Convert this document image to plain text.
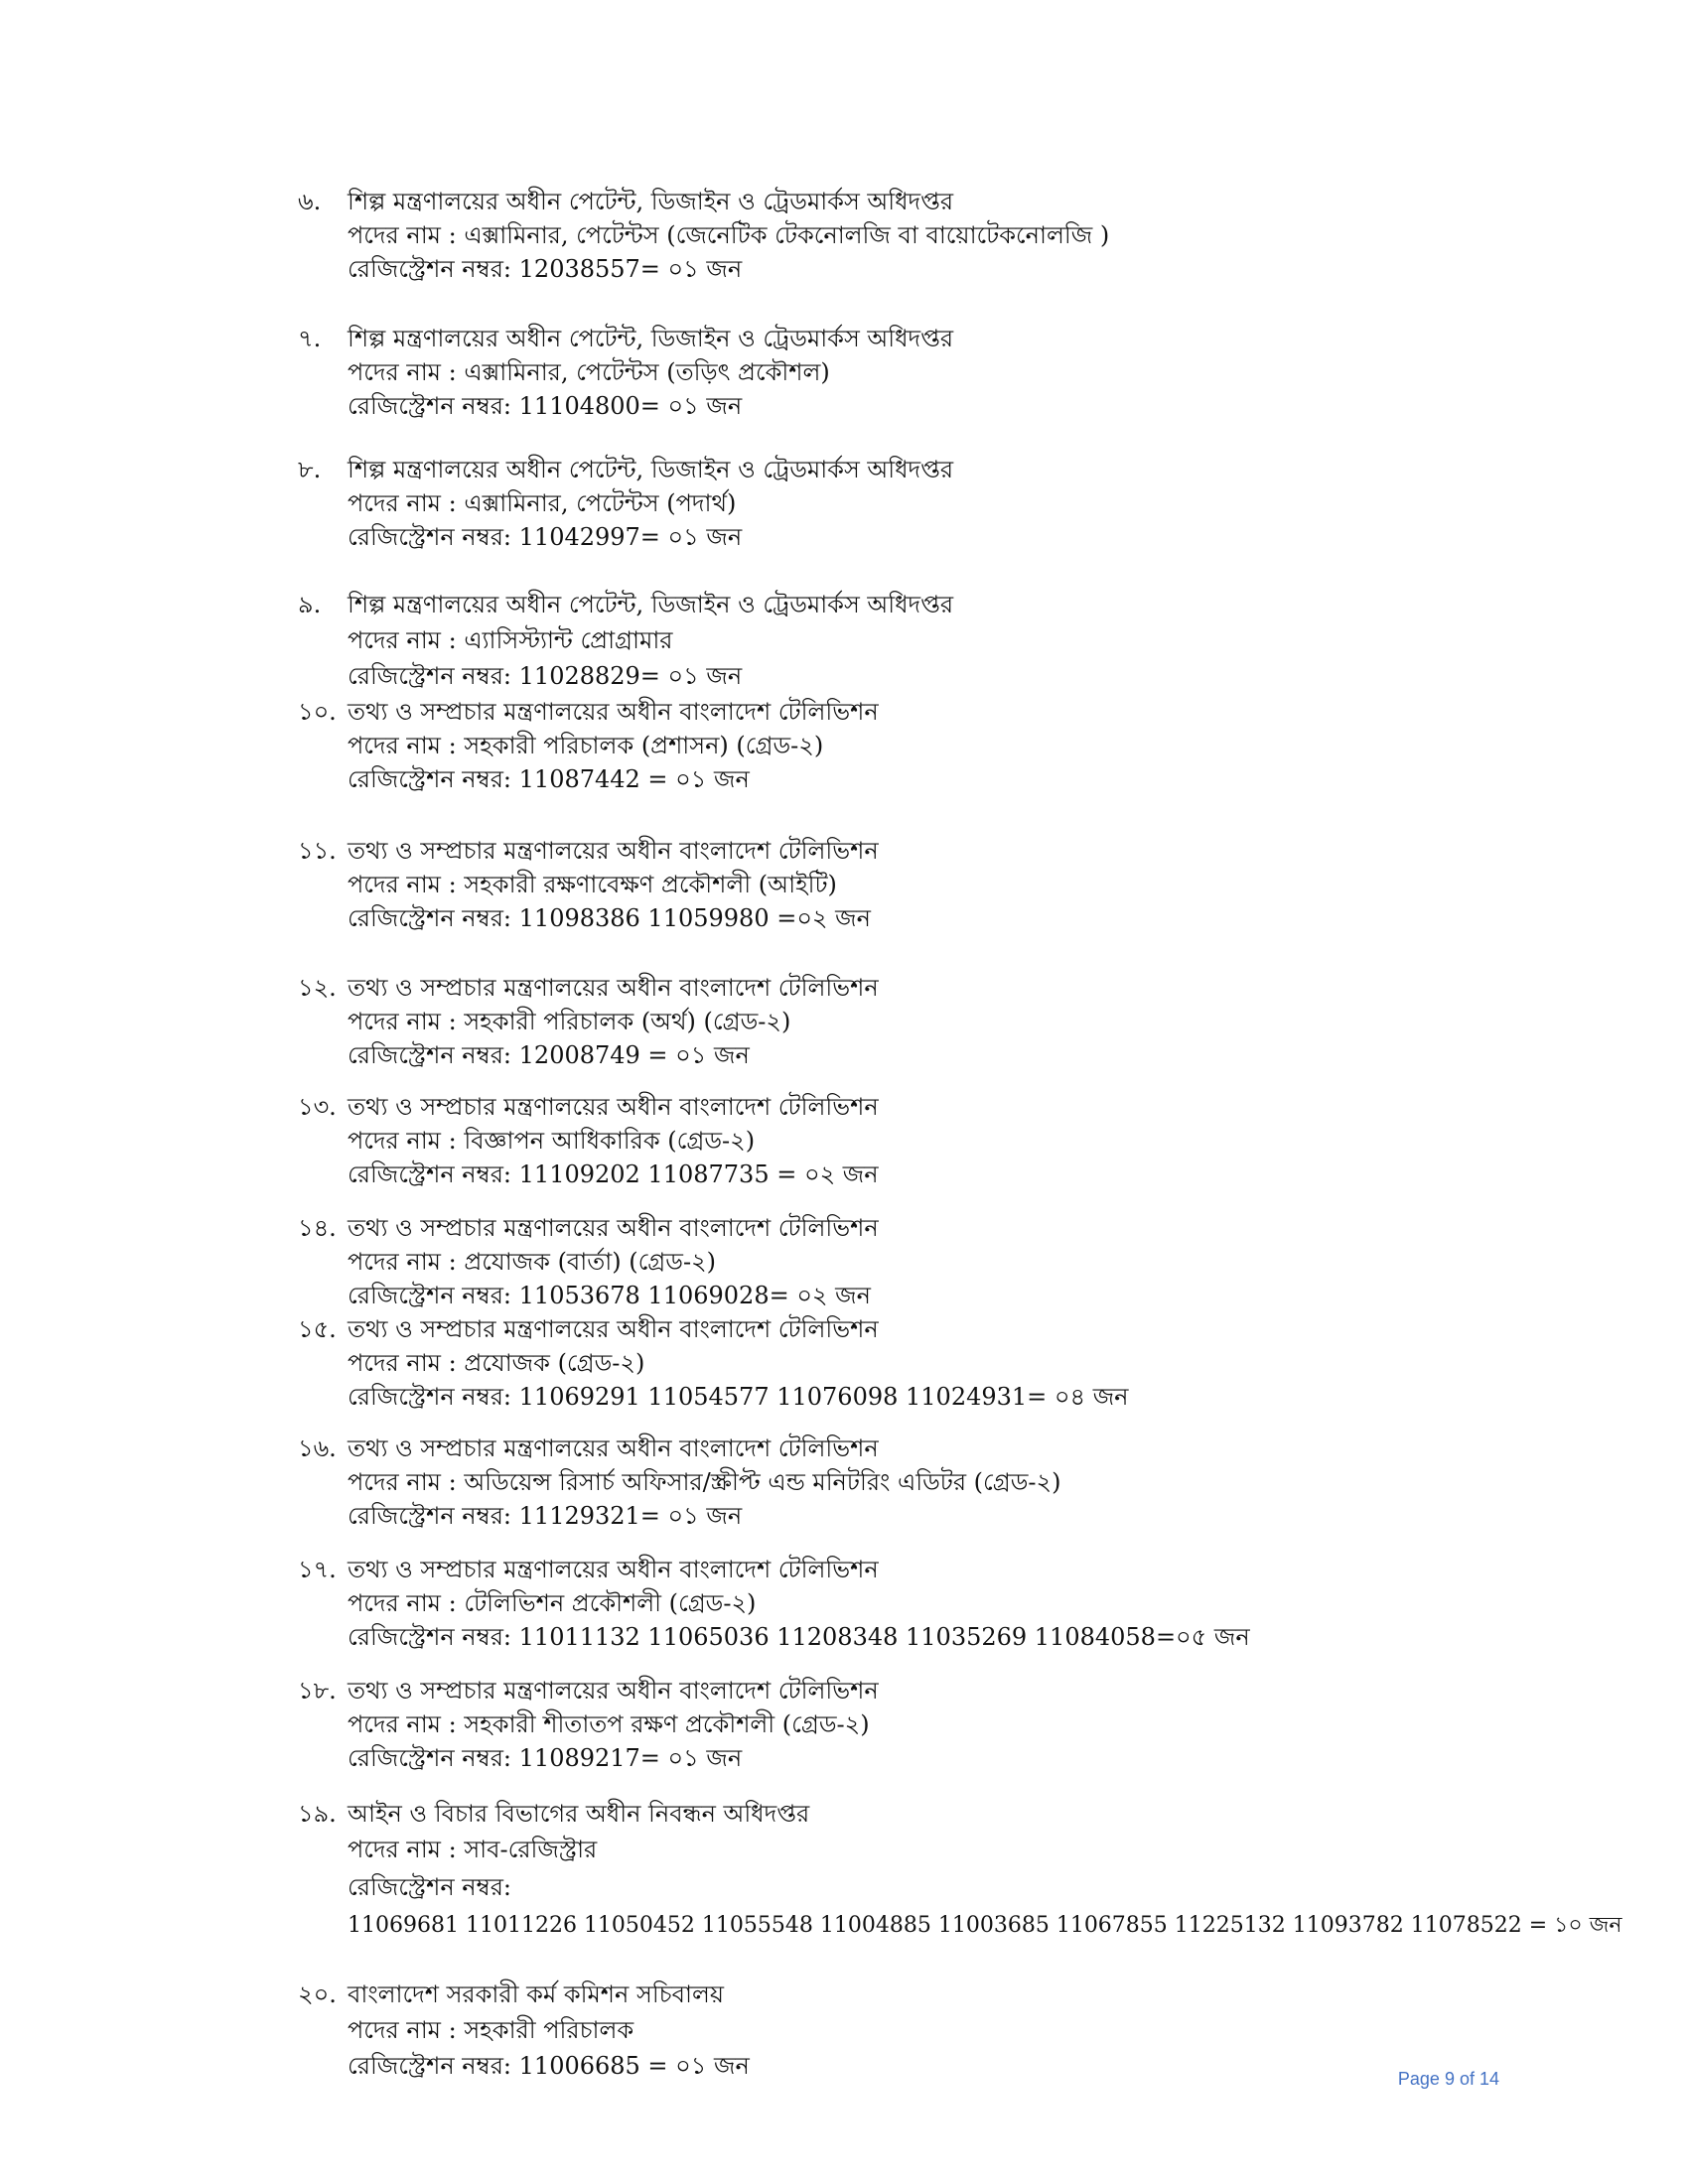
৬. শিল্প মন্ত্রণালয়ের অধীন পেটেন্ট, ডিজাইন ও ট্রেডমার্কস অধিদপ্তর
পদের নাম : এক্সামিনার, পেটেন্টস (জেনেটিক টেকনোলজি বা বায়োটেকনোলজি )
রেজিস্ট্রেশন নম্বর: 12038557= ০১ জন
৭. শিল্প মন্ত্রণালয়ের অধীন পেটেন্ট, ডিজাইন ও ট্রেডমার্কস অধিদপ্তর
পদের নাম : এক্সামিনার, পেটেন্টস (তড়িৎ প্রকৌশল)
রেজিস্ট্রেশন নম্বর: 11104800= ০১ জন
৮. শিল্প মন্ত্রণালয়ের অধীন পেটেন্ট, ডিজাইন ও ট্রেডমার্কস অধিদপ্তর
পদের নাম : এক্সামিনার, পেটেন্টস (পদার্থ)
রেজিস্ট্রেশন নম্বর: 11042997= ০১ জন
৯. শিল্প মন্ত্রণালয়ের অধীন পেটেন্ট, ডিজাইন ও ট্রেডমার্কস অধিদপ্তর
পদের নাম : এ্যাসিস্ট্যান্ট প্রোগ্রামার
রেজিস্ট্রেশন নম্বর: 11028829= ০১ জন
১০. তথ্য ও সম্প্রচার মন্ত্রণালয়ের অধীন বাংলাদেশ টেলিভিশন
পদের নাম : সহকারী পরিচালক (প্রশাসন) (গ্রেড-২)
রেজিস্ট্রেশন নম্বর: 11087442 = ০১ জন
১১. তথ্য ও সম্প্রচার মন্ত্রণালয়ের অধীন বাংলাদেশ টেলিভিশন
পদের নাম : সহকারী রক্ষণাবেক্ষণ প্রকৌশলী (আইটি)
রেজিস্ট্রেশন নম্বর: 11098386 11059980 =০২ জন
১২. তথ্য ও সম্প্রচার মন্ত্রণালয়ের অধীন বাংলাদেশ টেলিভিশন
পদের নাম : সহকারী পরিচালক (অর্থ) (গ্রেড-২)
রেজিস্ট্রেশন নম্বর: 12008749 = ০১ জন
১৩. তথ্য ও সম্প্রচার মন্ত্রণালয়ের অধীন বাংলাদেশ টেলিভিশন
পদের নাম : বিজ্ঞাপন আধিকারিক (গ্রেড-২)
রেজিস্ট্রেশন নম্বর: 11109202 11087735 = ০২ জন
১৪. তথ্য ও সম্প্রচার মন্ত্রণালয়ের অধীন বাংলাদেশ টেলিভিশন
পদের নাম : প্রযোজক (বার্তা) (গ্রেড-২)
রেজিস্ট্রেশন নম্বর: 11053678 11069028= ০২ জন
১৫. তথ্য ও সম্প্রচার মন্ত্রণালয়ের অধীন বাংলাদেশ টেলিভিশন
পদের নাম : প্রযোজক (গ্রেড-২)
রেজিস্ট্রেশন নম্বর: 11069291 11054577 11076098 11024931= ০৪ জন
১৬. তথ্য ও সম্প্রচার মন্ত্রণালয়ের অধীন বাংলাদেশ টেলিভিশন
পদের নাম : অডিয়েন্স রিসার্চ অফিসার/স্ক্রীপ্ট এন্ড মনিটরিং এডিটর (গ্রেড-২)
রেজিস্ট্রেশন নম্বর: 11129321= ০১ জন
১৭. তথ্য ও সম্প্রচার মন্ত্রণালয়ের অধীন বাংলাদেশ টেলিভিশন
পদের নাম : টেলিভিশন প্রকৌশলী (গ্রেড-২)
রেজিস্ট্রেশন নম্বর: 11011132 11065036 11208348 11035269 11084058=০৫ জন
১৮. তথ্য ও সম্প্রচার মন্ত্রণালয়ের অধীন বাংলাদেশ টেলিভিশন
পদের নাম : সহকারী শীতাতপ রক্ষণ প্রকৌশলী (গ্রেড-২)
রেজিস্ট্রেশন নম্বর: 11089217= ০১ জন
১৯. আইন ও বিচার বিভাগের অধীন নিবন্ধন অধিদপ্তর
পদের নাম : সাব-রেজিস্ট্রার
রেজিস্ট্রেশন নম্বর:
11069681 11011226 11050452 11055548 11004885 11003685 11067855 11225132 11093782 11078522 = ১০ জন
২০. বাংলাদেশ সরকারী কর্ম কমিশন সচিবালয়
পদের নাম : সহকারী পরিচালক
রেজিস্ট্রেশন নম্বর: 11006685 = ০১ জন	Page 9 of 14
